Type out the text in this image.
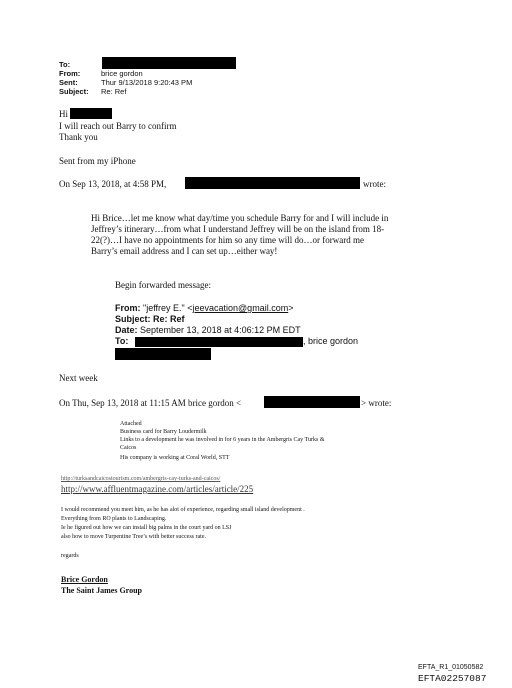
To:
From:	brice gordon
Sent:	Thur 9/13/2018 9:20:43 PM
Subject: Re: Ref
Hi
I will reach out Barry to confirm
Thank you
Sent from my iPhone
On Sep 13, 2018, at 4:58 PM,	wrote:
Hi Brice…let me know what day/time you schedule Barry for and I will include in
Jeffrey’s itinerary…from what I understand Jeffrey will be on the island from 18-
22(?)…I have no appointments for him so any time will do…or forward me
Barry’s email address and I can set up…either way!
Begin forwarded message:
From: "jeffrey E." <jeevacation@gmail.com>
Subject: Re: Ref
Date: September 13, 2018 at 4:06:12 PM EDT
To:	, brice gordon
Next week
On Thu, Sep 13, 2018 at 11:15 AM brice gordon <	> wrote:
Attached
Business card for Barry Loudermilk
Links to a development he was involved in for 6 years in the Ambergris Cay Turks &
Caicos
His company is working at Coral World, STT
http://turksandcaicostourism.com/ambergris-cay-turks-and-caicos/
http://www.affluentmagazine.com/articles/article/225
I would recommend you meet him, as he has alot of experience, regarding small island development .
Everything from RO plants to Landscaping.
Ie he figured out how we can install big palms in the court yard on LSJ
also how to move Turpentine Tree’s with better success rate.
regards
Brice Gordon
The Saint James Group
EFTA_R1_01050582
EFTA02257087
